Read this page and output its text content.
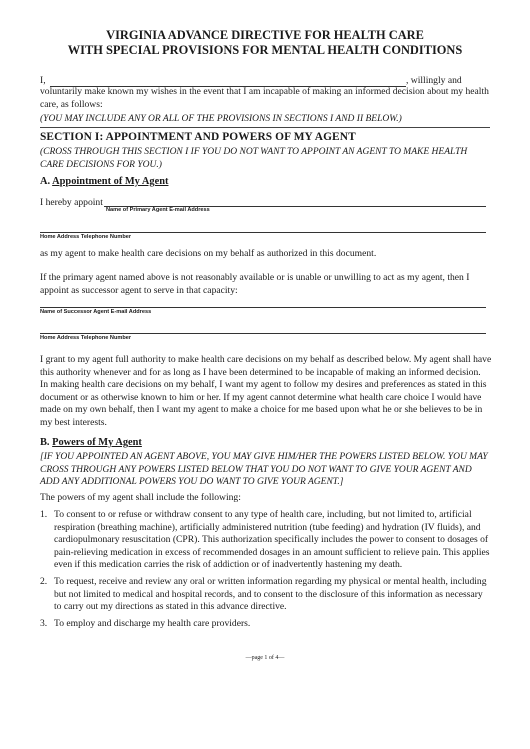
VIRGINIA ADVANCE DIRECTIVE FOR HEALTH CARE
WITH SPECIAL PROVISIONS FOR MENTAL HEALTH CONDITIONS
I,	, willingly and
voluntarily make known my wishes in the event that I am incapable of making an informed decision about my health care, as follows:
(YOU MAY INCLUDE ANY OR ALL OF THE PROVISIONS IN SECTIONS I AND II BELOW.)
SECTION I: APPOINTMENT AND POWERS OF MY AGENT
(CROSS THROUGH THIS SECTION I IF YOU DO NOT WANT TO APPOINT AN AGENT TO MAKE HEALTH CARE DECISIONS FOR YOU.)
A. Appointment of My Agent
I hereby appoint
Name of Primary Agent E-mail Address
Home Address Telephone Number
as my agent to make health care decisions on my behalf as authorized in this document.
If the primary agent named above is not reasonably available or is unable or unwilling to act as my agent, then I appoint as successor agent to serve in that capacity:
Name of Successor Agent E-mail Address
Home Address Telephone Number
I grant to my agent full authority to make health care decisions on my behalf as described below. My agent shall have this authority whenever and for as long as I have been determined to be incapable of making an informed decision.
In making health care decisions on my behalf, I want my agent to follow my desires and preferences as stated in this document or as otherwise known to him or her. If my agent cannot determine what health care choice I would have made on my own behalf, then I want my agent to make a choice for me based upon what he or she believes to be in my best interests.
B. Powers of My Agent
[IF YOU APPOINTED AN AGENT ABOVE, YOU MAY GIVE HIM/HER THE POWERS LISTED BELOW. YOU MAY CROSS THROUGH ANY POWERS LISTED BELOW THAT YOU DO NOT WANT TO GIVE YOUR AGENT AND ADD ANY ADDITIONAL POWERS YOU DO WANT TO GIVE YOUR AGENT.]
The powers of my agent shall include the following:
1. To consent to or refuse or withdraw consent to any type of health care, including, but not limited to, artificial respiration (breathing machine), artificially administered nutrition (tube feeding) and hydration (IV fluids), and cardiopulmonary resuscitation (CPR). This authorization specifically includes the power to consent to dosages of pain-relieving medication in excess of recommended dosages in an amount sufficient to relieve pain. This applies even if this medication carries the risk of addiction or of inadvertently hastening my death.
2. To request, receive and review any oral or written information regarding my physical or mental health, including but not limited to medical and hospital records, and to consent to the disclosure of this information as necessary to carry out my directions as stated in this advance directive.
3. To employ and discharge my health care providers.
—page 1 of 4—
